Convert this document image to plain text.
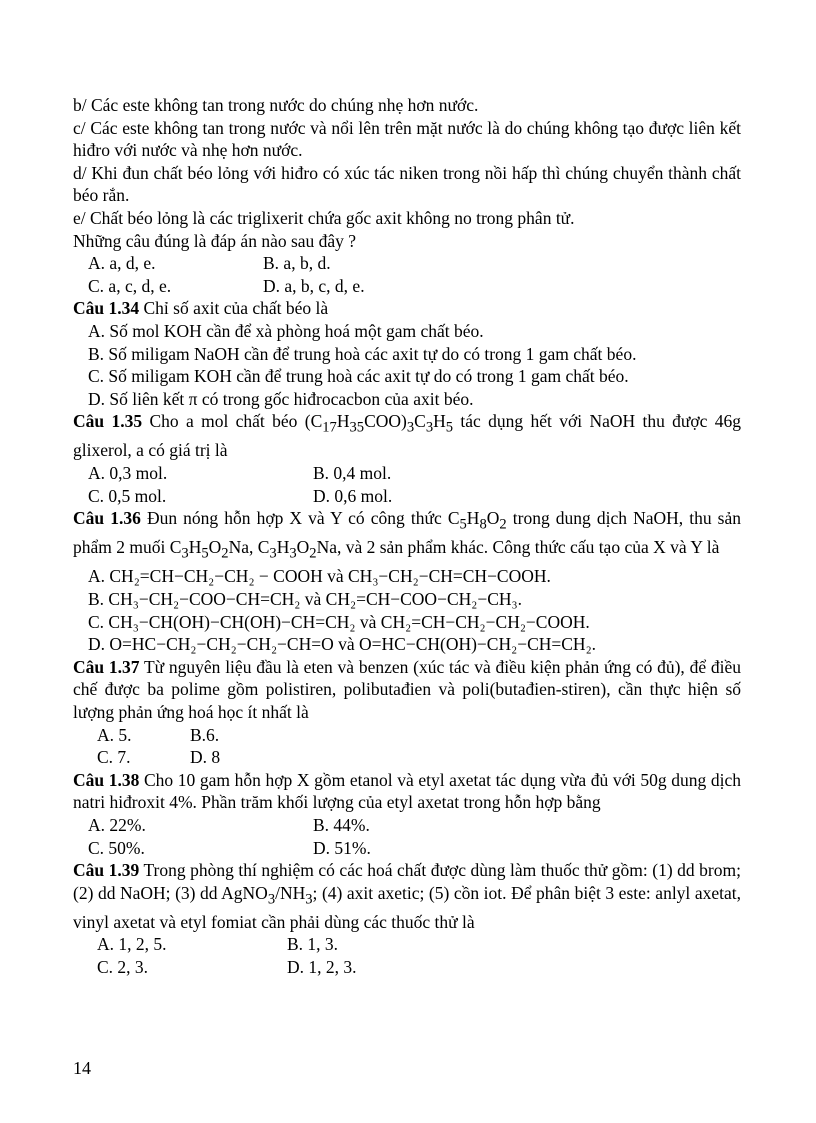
b/ Các este không tan trong nước do chúng nhẹ hơn nước.
c/ Các este không tan trong nước và nổi lên trên mặt nước là do chúng không tạo được liên kết hiđro với nước và nhẹ hơn nước.
d/ Khi đun chất béo lỏng với hiđro có xúc tác niken trong nồi hấp thì chúng chuyển thành chất béo rắn.
e/ Chất béo lỏng là các triglixerit chứa gốc axit không no trong phân tử.
Những câu đúng là đáp án nào sau đây ?
A. a, d, e.	B. a, b, d.
C. a, c, d, e.	D. a, b, c, d, e.
Câu 1.34 Chỉ số axit của chất béo là
A. Số mol KOH cần để xà phòng hoá một gam chất béo.
B. Số miligam NaOH cần để trung hoà các axit tự do có trong 1 gam chất béo.
C. Số miligam KOH cần để trung hoà các axit tự do có trong 1 gam chất béo.
D. Số liên kết π có trong gốc hiđrocacbon của axit béo.
Câu 1.35 Cho a mol chất béo $(C_{17}H_{35}COO)_3C_3H_5$ tác dụng hết với NaOH thu được 46g glixerol, a có giá trị là
A. 0,3 mol.	B. 0,4 mol.
C. 0,5 mol.	D. 0,6 mol.
Câu 1.36 Đun nóng hỗn hợp X và Y có công thức $C_5H_8O_2$ trong dung dịch NaOH, thu sản phẩm 2 muối $C_3H_5O_2Na$, $C_3H_3O_2Na$, và 2 sản phẩm khác. Công thức cấu tạo của X và Y là
A. CH₂=CH−CH₂−CH₂ − COOH và CH₃−CH₂−CH=CH−COOH.
B. CH₃−CH₂−COO−CH=CH₂ và CH₂=CH−COO−CH₂−CH₃.
C. CH₃−CH(OH)−CH(OH)−CH=CH₂ và CH₂=CH−CH₂−CH₂−COOH.
D. O=HC−CH₂−CH₂−CH₂−CH=O và O=HC−CH(OH)−CH₂−CH=CH₂.
Câu 1.37 Từ nguyên liệu đầu là eten và benzen (xúc tác và điều kiện phản ứng có đủ), để điều chế được ba polime gồm polistiren, polibutađien và poli(butađien-stiren), cần thực hiện số lượng phản ứng hoá học ít nhất là
A. 5.	B.6.
C. 7.	D. 8
Câu 1.38 Cho 10 gam hỗn hợp X gồm etanol và etyl axetat tác dụng vừa đủ với 50g dung dịch natri hiđroxit 4%. Phần trăm khối lượng của etyl axetat trong hỗn hợp bằng
A. 22%.	B. 44%.
C. 50%.	D. 51%.
Câu 1.39 Trong phòng thí nghiệm có các hoá chất được dùng làm thuốc thử gồm: (1) dd brom; (2) dd NaOH; (3) dd $AgNO_3/NH_3$; (4) axit axetic; (5) cồn iot. Để phân biệt 3 este: anlyl axetat, vinyl axetat và etyl fomiat cần phải dùng các thuốc thử là
A. 1, 2, 5.	B. 1, 3.
C. 2, 3.	D. 1, 2, 3.
14
